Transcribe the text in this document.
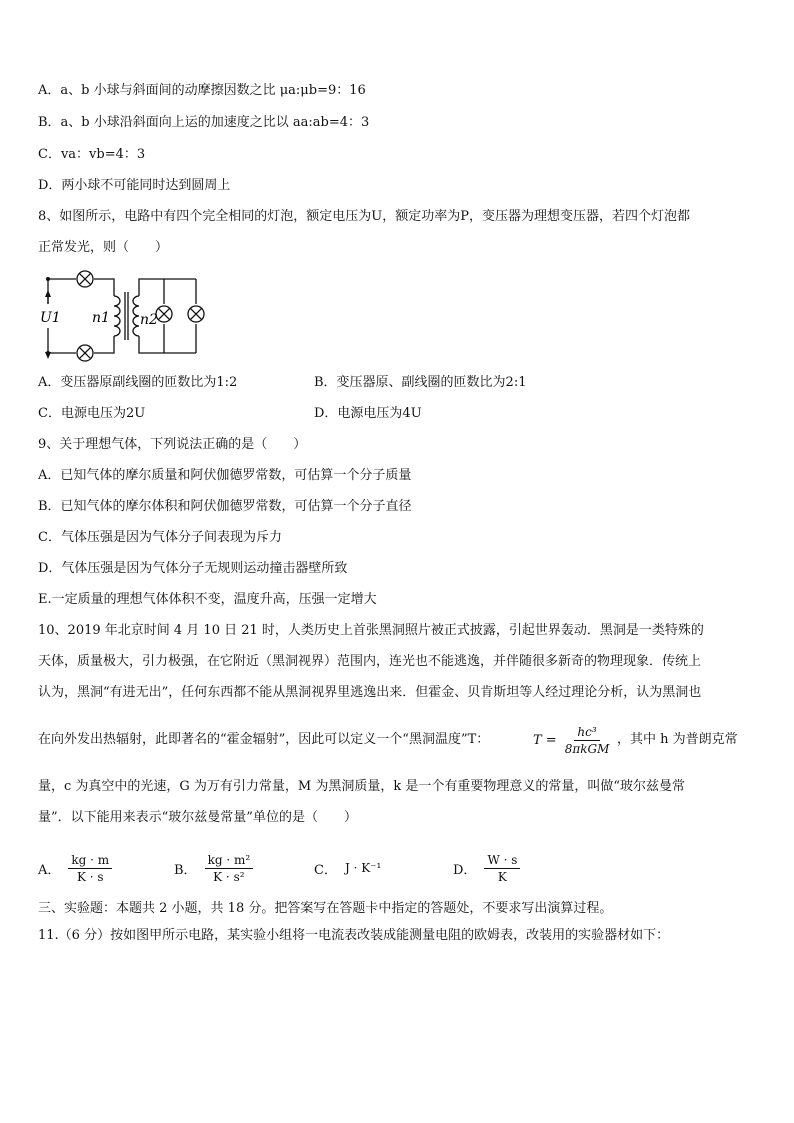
A．a、b 小球与斜面间的动摩擦因数之比 μa:μb=9：16
B．a、b 小球沿斜面向上运的加速度之比以 aa:ab=4：3
C．va：vb=4：3
D．两小球不可能同时达到圆周上
8、如图所示，电路中有四个完全相同的灯泡，额定电压为U，额定功率为P，变压器为理想变压器，若四个灯泡都
正常发光，则（　　）
U1 n1 n2
A．变压器原副线圈的匝数比为1:2	B．变压器原、副线圈的匝数比为2:1
C．电源电压为2U	D．电源电压为4U
9、关于理想气体，下列说法正确的是（　　）
A．已知气体的摩尔质量和阿伏伽德罗常数，可估算一个分子质量
B．已知气体的摩尔体积和阿伏伽德罗常数，可估算一个分子直径
C．气体压强是因为气体分子间表现为斥力
D．气体压强是因为气体分子无规则运动撞击器壁所致
E.一定质量的理想气体体积不变，温度升高，压强一定增大
10、2019 年北京时间 4 月 10 日 21 时，人类历史上首张黑洞照片被正式披露，引起世界轰动．黑洞是一类特殊的
天体，质量极大，引力极强，在它附近（黑洞视界）范围内，连光也不能逃逸，并伴随很多新奇的物理现象．传统上
认为，黑洞“有进无出”，任何东西都不能从黑洞视界里逃逸出来．但霍金、贝肯斯坦等人经过理论分析，认为黑洞也
在向外发出热辐射，此即著名的“霍金辐射”，因此可以定义一个“黑洞温度”T：	$T = \frac{\text{hc³}}{\text{8πkGM}}$ ，其中 h 为普朗克常
量，c 为真空中的光速，G 为万有引力常量，M 为黑洞质量，k 是一个有重要物理意义的常量，叫做“玻尔兹曼常
量”．以下能用来表示“玻尔兹曼常量”单位的是（　　）
A． $\frac{kg \cdot m}{K \cdot s}$	B． $\frac{\text{kg · m²}}{\text{K · s²}}$	C． J · K⁻¹	D． $\frac{W \cdot s}{K}$
三、实验题：本题共 2 小题，共 18 分。把答案写在答题卡中指定的答题处，不要求写出演算过程。
11.（6 分）按如图甲所示电路，某实验小组将一电流表改装成能测量电阻的欧姆表，改装用的实验器材如下：
